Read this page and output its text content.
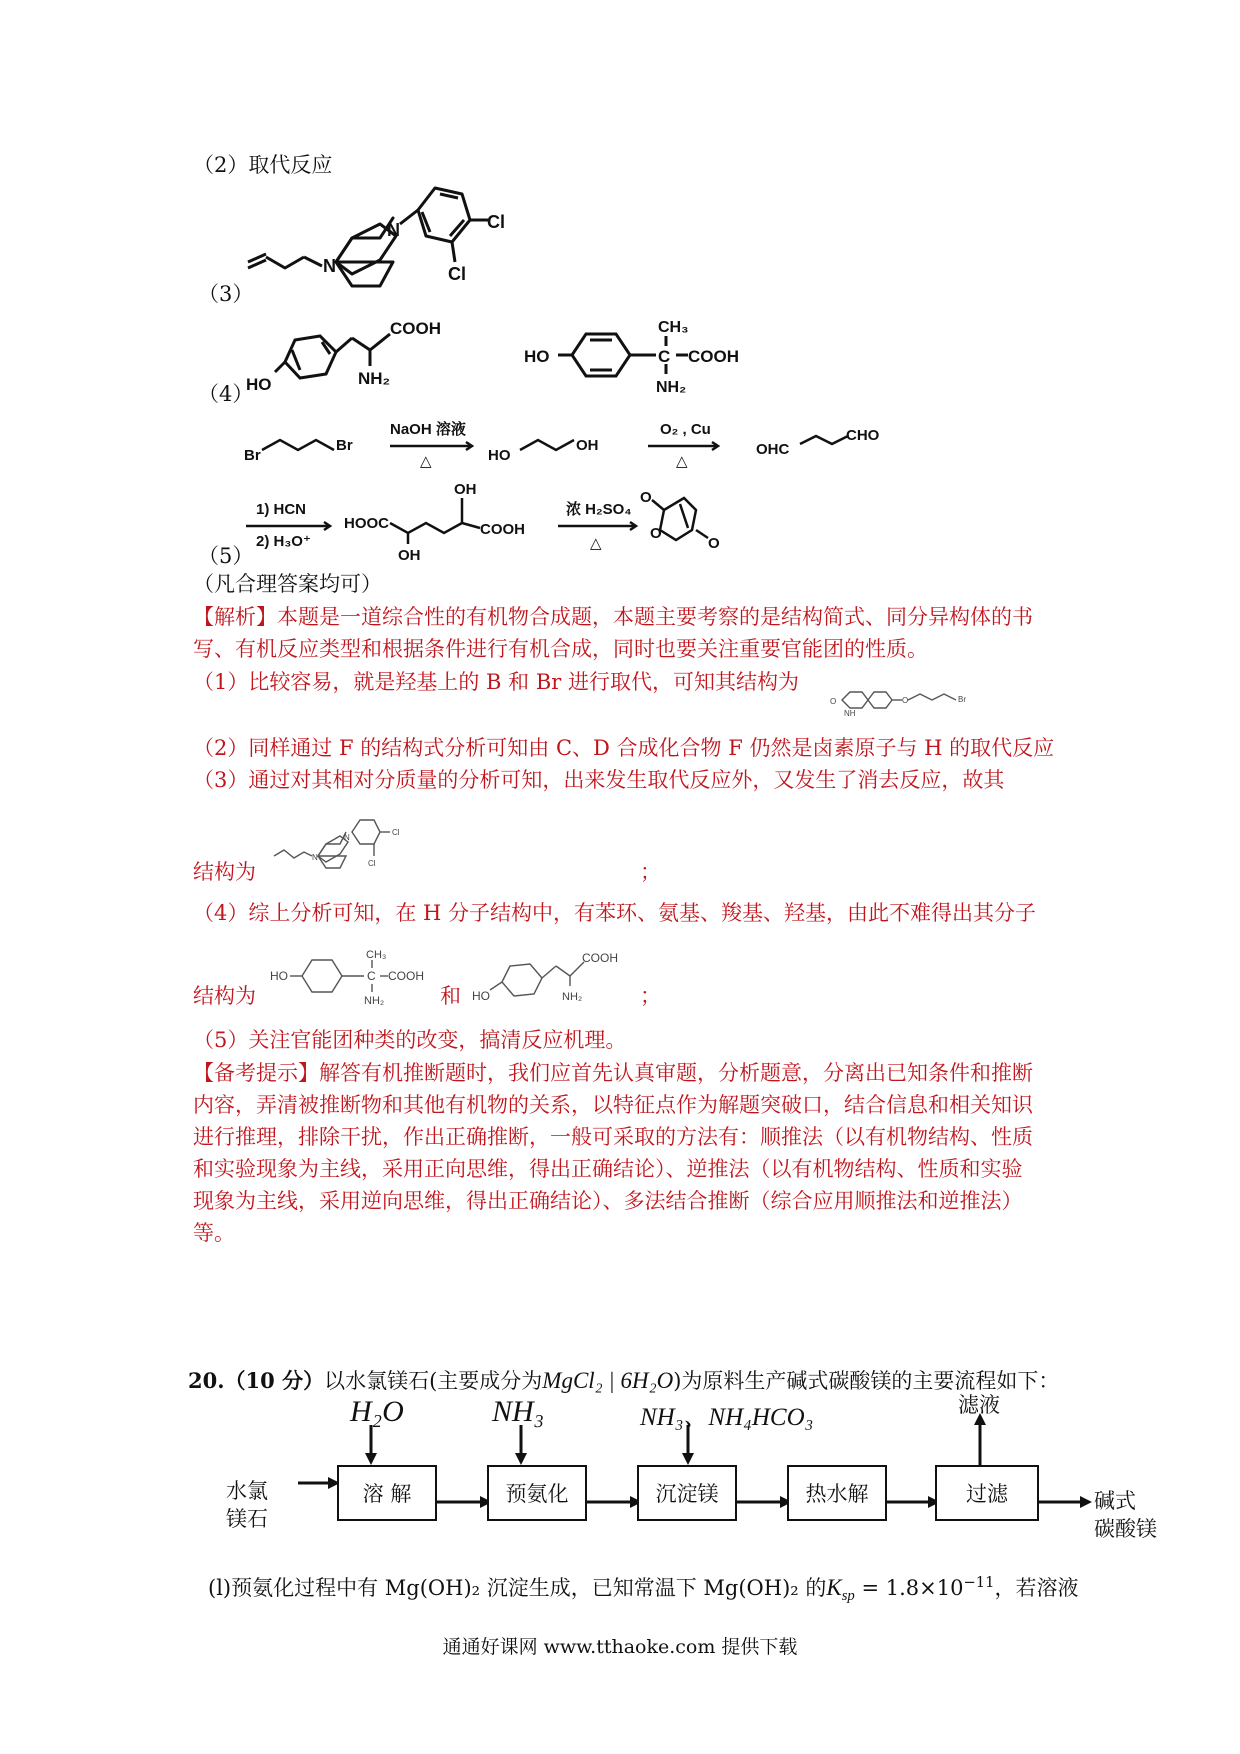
（2）取代反应
（3）
N
N	Cl
Cl
（4）
HO
COOH
NH₂
HO
CH₃
C COOH
NH₂
Br
Br
NaOH 溶液
△	HO
OH
O₂ , Cu
△
OHC
CHO
（5）
1) HCN
2) H₃O⁺
HOOC
OH
OH
COOH
浓 H₂SO₄
△
O
O
O
（凡合理答案均可）
【解析】本题是一道综合性的有机物合成题，本题主要考察的是结构简式、同分异构体的书
写、有机反应类型和根据条件进行有机合成，同时也要关注重要官能团的性质。
（1）比较容易，就是羟基上的 B 和 Br 进行取代，可知其结构为
O
NH
O	Br
（2）同样通过 F 的结构式分析可知由 C、D 合成化合物 F 仍然是卤素原子与 H 的取代反应
（3）通过对其相对分质量的分析可知，出来发生取代反应外，又发生了消去反应，故其
N
N
Cl
Cl
结构为	；
（4）综上分析可知，在 H 分子结构中，有苯环、氨基、羧基、羟基，由此不难得出其分子
HO
CH₃
C COOH
NH₂	HO
COOH
NH₂
结构为	和	；
（5）关注官能团种类的改变，搞清反应机理。
【备考提示】解答有机推断题时，我们应首先认真审题，分析题意，分离出已知条件和推断
内容，弄清被推断物和其他有机物的关系，以特征点作为解题突破口，结合信息和相关知识
进行推理，排除干扰，作出正确推断，一般可采取的方法有：顺推法（以有机物结构、性质
和实验现象为主线，采用正向思维，得出正确结论）、逆推法（以有机物结构、性质和实验
现象为主线，采用逆向思维，得出正确结论）、多法结合推断（综合应用顺推法和逆推法）
等。
20.（10 分）以水氯镁石(主要成分为MgCl₂ | 6H₂O)为原料生产碱式碳酸镁的主要流程如下：
水氯
镁石
溶 解	预氨化	沉淀镁	热水解	过滤
H₂O	NH₃	NH₃、NH₄HCO₃	滤液
碱式
碳酸镁
(l)预氨化过程中有 Mg(OH)₂ 沉淀生成，已知常温下 Mg(OH)₂ 的$K_{sp} = 1.8\times 10^{-11}$，若溶液
通通好课网 www.tthaoke.com 提供下载
